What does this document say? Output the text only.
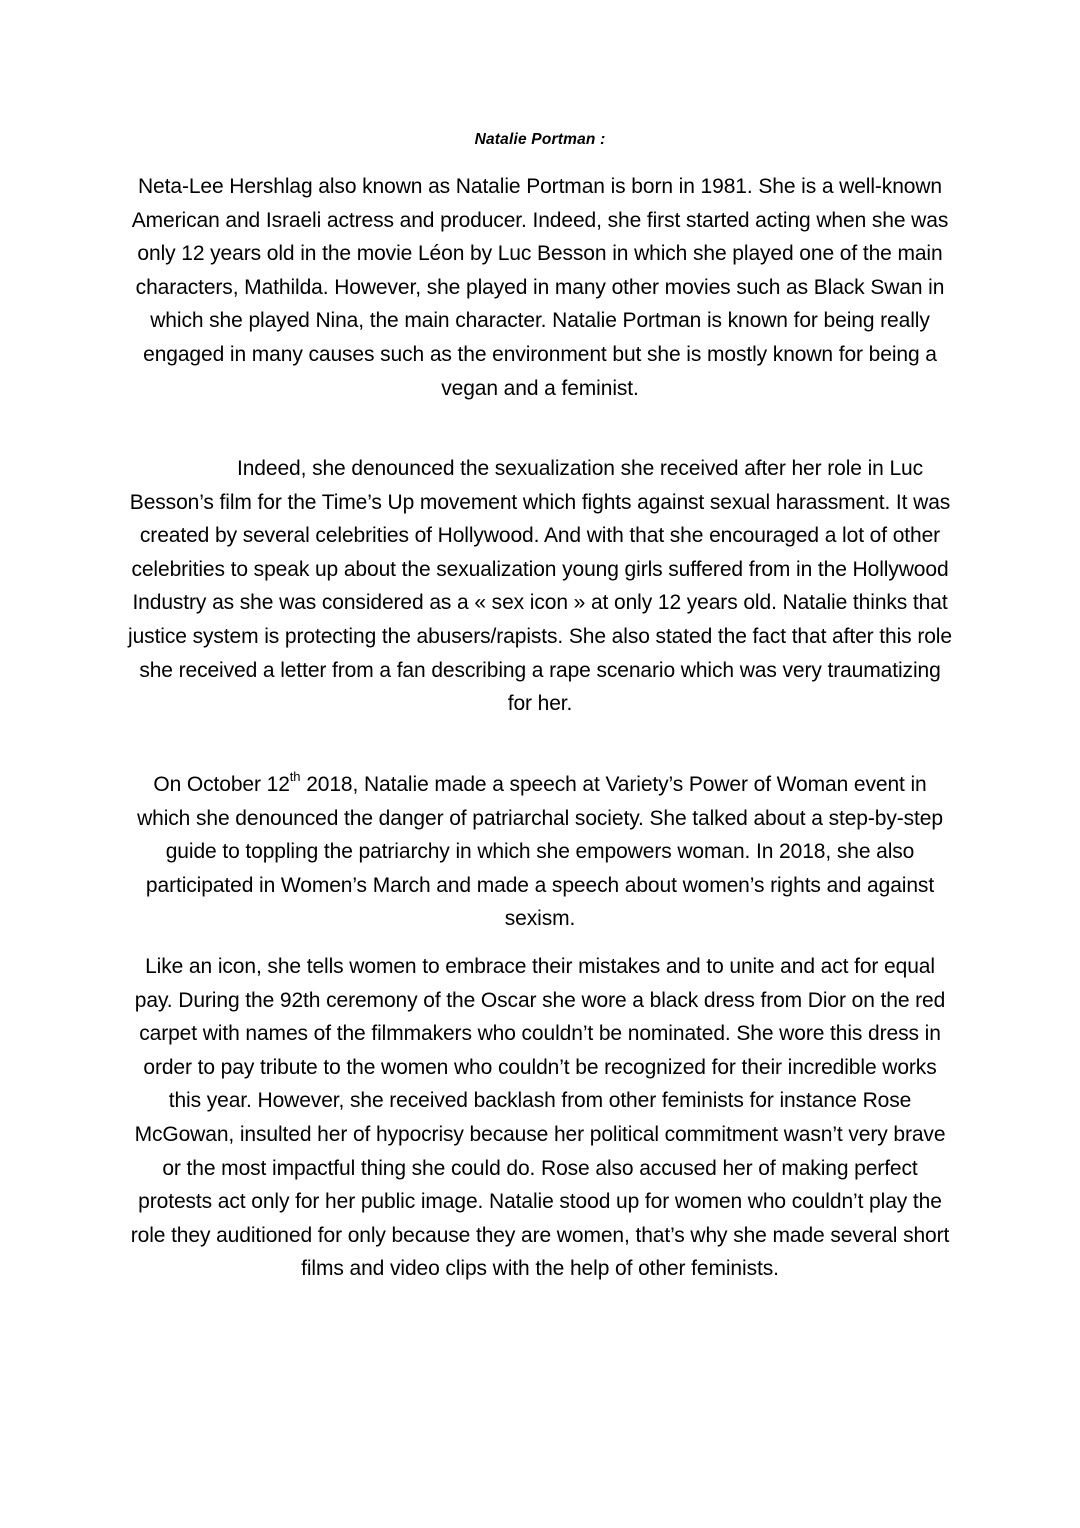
Natalie Portman :

Neta-Lee Hershlag also known as Natalie Portman is born in 1981. She is a well-known American and Israeli actress and producer. Indeed, she first started acting when she was only 12 years old in the movie Léon by Luc Besson in which she played one of the main characters, Mathilda. However, she played in many other movies such as Black Swan in which she played Nina, the main character. Natalie Portman is known for being really engaged in many causes such as the environment but she is mostly known for being a vegan and a feminist.

Indeed, she denounced the sexualization she received after her role in Luc Besson’s film for the Time’s Up movement which fights against sexual harassment. It was created by several celebrities of Hollywood. And with that she encouraged a lot of other celebrities to speak up about the sexualization young girls suffered from in the Hollywood Industry as she was considered as a « sex icon » at only 12 years old. Natalie thinks that justice system is protecting the abusers/rapists. She also stated the fact that after this role she received a letter from a fan describing a rape scenario which was very traumatizing for her.

On October 12th 2018, Natalie made a speech at Variety’s Power of Woman event in which she denounced the danger of patriarchal society. She talked about a step-by-step guide to toppling the patriarchy in which she empowers woman. In 2018, she also participated in Women’s March and made a speech about women’s rights and against sexism.

Like an icon, she tells women to embrace their mistakes and to unite and act for equal pay. During the 92th ceremony of the Oscar she wore a black dress from Dior on the red carpet with names of the filmmakers who couldn’t be nominated. She wore this dress in order to pay tribute to the women who couldn’t be recognized for their incredible works this year. However, she received backlash from other feminists for instance Rose McGowan, insulted her of hypocrisy because her political commitment wasn’t very brave or the most impactful thing she could do. Rose also accused her of making perfect protests act only for her public image. Natalie stood up for women who couldn’t play the role they auditioned for only because they are women, that’s why she made several short films and video clips with the help of other feminists.
